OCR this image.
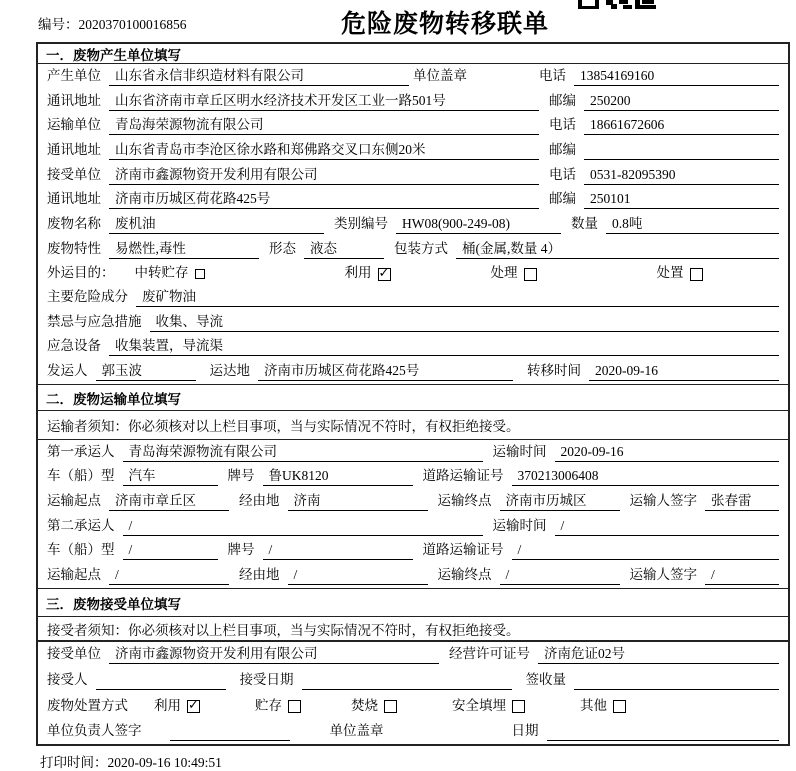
编号：2020370100016856	危险废物转移联单
一．废物产生单位填写
产生单位	山东省永信非织造材料有限公司	单位盖章	电话	13854169160
通讯地址	山东省济南市章丘区明水经济技术开发区工业一路501号	邮编	250200
运输单位	青岛海荣源物流有限公司	电话	18661672606
通讯地址	山东省青岛市李沧区徐水路和郑佛路交叉口东侧20米	邮编
接受单位	济南市鑫源物资开发利用有限公司	电话	0531-82095390
通讯地址	济南市历城区荷花路425号	邮编	250101
废物名称	废机油	类别编号	HW08(900-249-08)	数量	0.8吨
废物特性	易燃性,毒性	形态	液态	包装方式	桶(金属,数量 4）
外运目的：	中转贮存	利用 ✓	处理	处置
主要危险成分	废矿物油
禁忌与应急措施	收集、导流
应急设备	收集装置，导流渠
发运人	郭玉波	运达地	济南市历城区荷花路425号	转移时间	2020-09-16
二．废物运输单位填写
运输者须知：你必须核对以上栏目事项，当与实际情况不符时，有权拒绝接受。
第一承运人	青岛海荣源物流有限公司	运输时间	2020-09-16
车（船）型	汽车	牌号	鲁UK8120	道路运输证号	370213006408
运输起点	济南市章丘区	经由地	济南	运输终点	济南市历城区	运输人签字	张春雷
第二承运人	/	运输时间	/
车（船）型	/	牌号	/	道路运输证号	/
运输起点	/	经由地	/	运输终点	/	运输人签字	/
三．废物接受单位填写
接受者须知：你必须核对以上栏目事项，当与实际情况不符时，有权拒绝接受。
接受单位	济南市鑫源物资开发利用有限公司	经营许可证号	济南危证02号
接受人	接受日期	签收量
废物处置方式	利用 ✓	贮存	焚烧	安全填埋	其他
单位负责人签字	单位盖章	日期
打印时间：2020-09-16 10:49:51
